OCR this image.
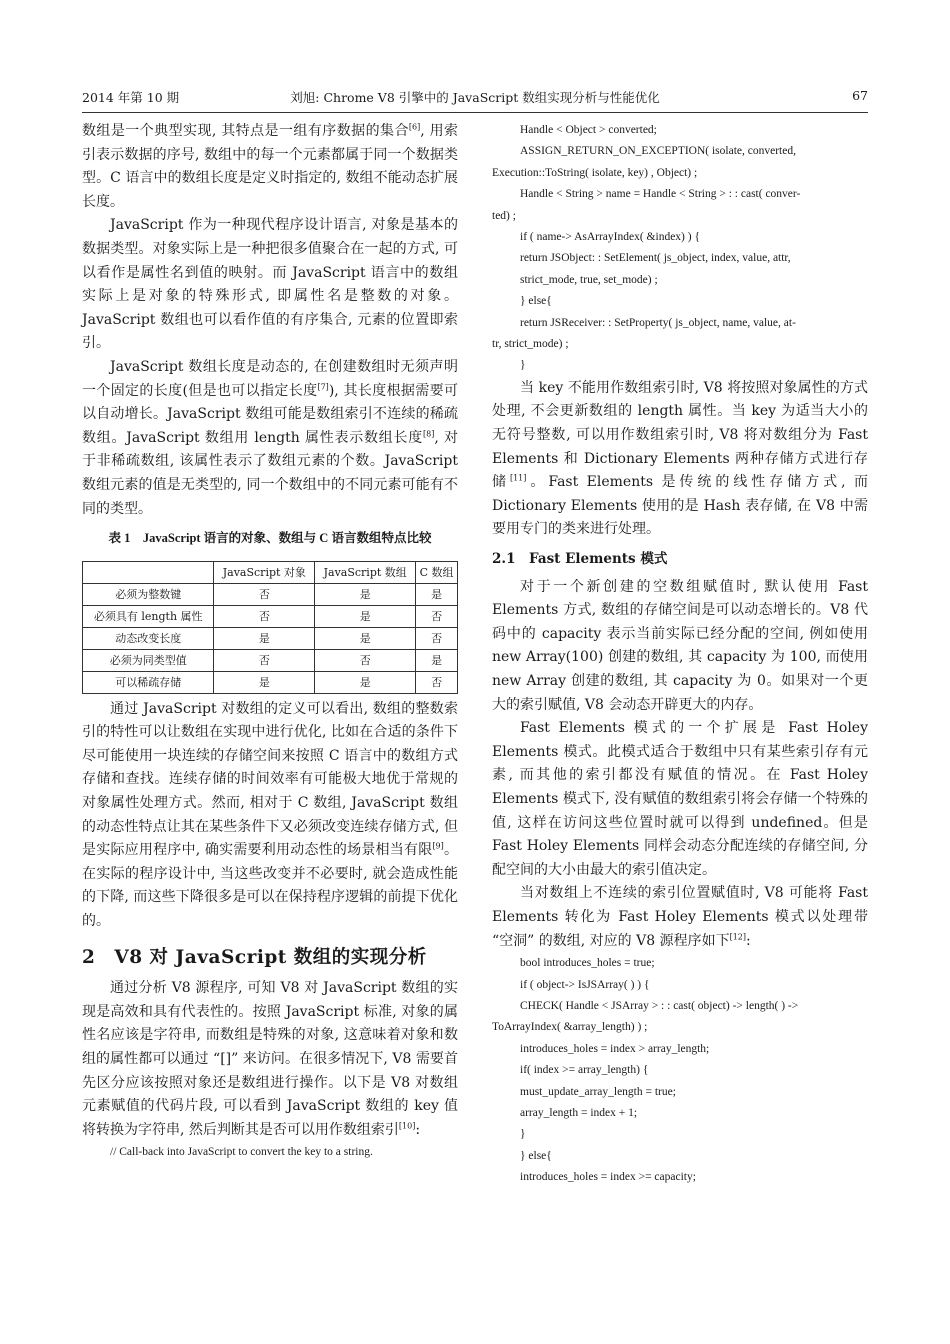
2014 年第 10 期	刘旭: Chrome V8 引擎中的 JavaScript 数组实现分析与性能优化	67

数组是一个典型实现, 其特点是一组有序数据的集合[6], 用索引表示数据的序号, 数组中的每一个元素都属于同一个数据类型。C 语言中的数组长度是定义时指定的, 数组不能动态扩展长度。

JavaScript 作为一种现代程序设计语言, 对象是基本的数据类型。对象实际上是一种把很多值聚合在一起的方式, 可以看作是属性名到值的映射。而 JavaScript 语言中的数组实际上是对象的特殊形式, 即属性名是整数的对象。JavaScript 数组也可以看作值的有序集合, 元素的位置即索引。

JavaScript 数组长度是动态的, 在创建数组时无须声明一个固定的长度(但是也可以指定长度[7]), 其长度根据需要可以自动增长。JavaScript 数组可能是数组索引不连续的稀疏数组。JavaScript 数组用 length 属性表示数组长度[8], 对于非稀疏数组, 该属性表示了数组元素的个数。JavaScript 数组元素的值是无类型的, 同一个数组中的不同元素可能有不同的类型。

表 1　 JavaScript 语言的对象、数组与 C 语言数组特点比较
	JavaScript 对象	JavaScript 数组	C 数组
必须为整数键	否	是	是
必须具有 length 属性	否	是	否
动态改变长度	是	是	否
必须为同类型值	否	否	是
可以稀疏存储	是	是	否

通过 JavaScript 对数组的定义可以看出, 数组的整数索引的特性可以让数组在实现中进行优化, 比如在合适的条件下尽可能使用一块连续的存储空间来按照 C 语言中的数组方式存储和查找。连续存储的时间效率有可能极大地优于常规的对象属性处理方式。然而, 相对于 C 数组, JavaScript 数组的动态性特点让其在某些条件下又必须改变连续存储方式, 但是实际应用程序中, 确实需要利用动态性的场景相当有限[9]。在实际的程序设计中, 当这些改变并不必要时, 就会造成性能的下降, 而这些下降很多是可以在保持程序逻辑的前提下优化的。

2　V8 对 JavaScript 数组的实现分析

通过分析 V8 源程序, 可知 V8 对 JavaScript 数组的实现是高效和具有代表性的。按照 JavaScript 标准, 对象的属性名应该是字符串, 而数组是特殊的对象, 这意味着对象和数组的属性都可以通过 “[]” 来访问。在很多情况下, V8 需要首先区分应该按照对象还是数组进行操作。以下是 V8 对数组元素赋值的代码片段, 可以看到 JavaScript 数组的 key 值将转换为字符串, 然后判断其是否可以用作数组索引[10]:

// Call-back into JavaScript to convert the key to a string.
Handle < Object > converted;
ASSIGN_RETURN_ON_EXCEPTION( isolate, converted,
Execution::ToString( isolate, key) , Object) ;
Handle < String > name = Handle < String > : : cast( conver-
ted) ;
if ( name-> AsArrayIndex( &index) ) {
return JSObject: : SetElement( js_object, index, value, attr,
strict_mode, true, set_mode) ;
} else{
return JSReceiver: : SetProperty( js_object, name, value, at-
tr, strict_mode) ;
}

当 key 不能用作数组索引时, V8 将按照对象属性的方式处理, 不会更新数组的 length 属性。当 key 为适当大小的无符号整数, 可以用作数组索引时, V8 将对数组分为 Fast Elements 和 Dictionary Elements 两种存储方式进行存储[11]。Fast Elements 是传统的线性存储方式, 而 Dictionary Elements 使用的是 Hash 表存储, 在 V8 中需要用专门的类来进行处理。

2.1　Fast Elements 模式

对于一个新创建的空数组赋值时, 默认使用 Fast Elements 方式, 数组的存储空间是可以动态增长的。V8 代码中的 capacity 表示当前实际已经分配的空间, 例如使用 new Array(100) 创建的数组, 其 capacity 为 100, 而使用 new Array 创建的数组, 其 capacity 为 0。如果对一个更大的索引赋值, V8 会动态开辟更大的内存。

Fast Elements 模式的一个扩展是 Fast Holey Elements 模式。此模式适合于数组中只有某些索引存有元素, 而其他的索引都没有赋值的情况。在 Fast Holey Elements 模式下, 没有赋值的数组索引将会存储一个特殊的值, 这样在访问这些位置时就可以得到 undefined。但是 Fast Holey Elements 同样会动态分配连续的存储空间, 分配空间的大小由最大的索引值决定。

当对数组上不连续的索引位置赋值时, V8 可能将 Fast Elements 转化为 Fast Holey Elements 模式以处理带 “空洞” 的数组, 对应的 V8 源程序如下[12]:

bool introduces_holes = true;
if ( object-> IsJSArray( ) ) {
CHECK( Handle < JSArray > : : cast( object) -> length( ) ->
ToArrayIndex( &array_length) ) ;
introduces_holes = index > array_length;
if( index >= array_length) {
must_update_array_length = true;
array_length = index + 1;
}
} else{
introduces_holes = index >= capacity;
